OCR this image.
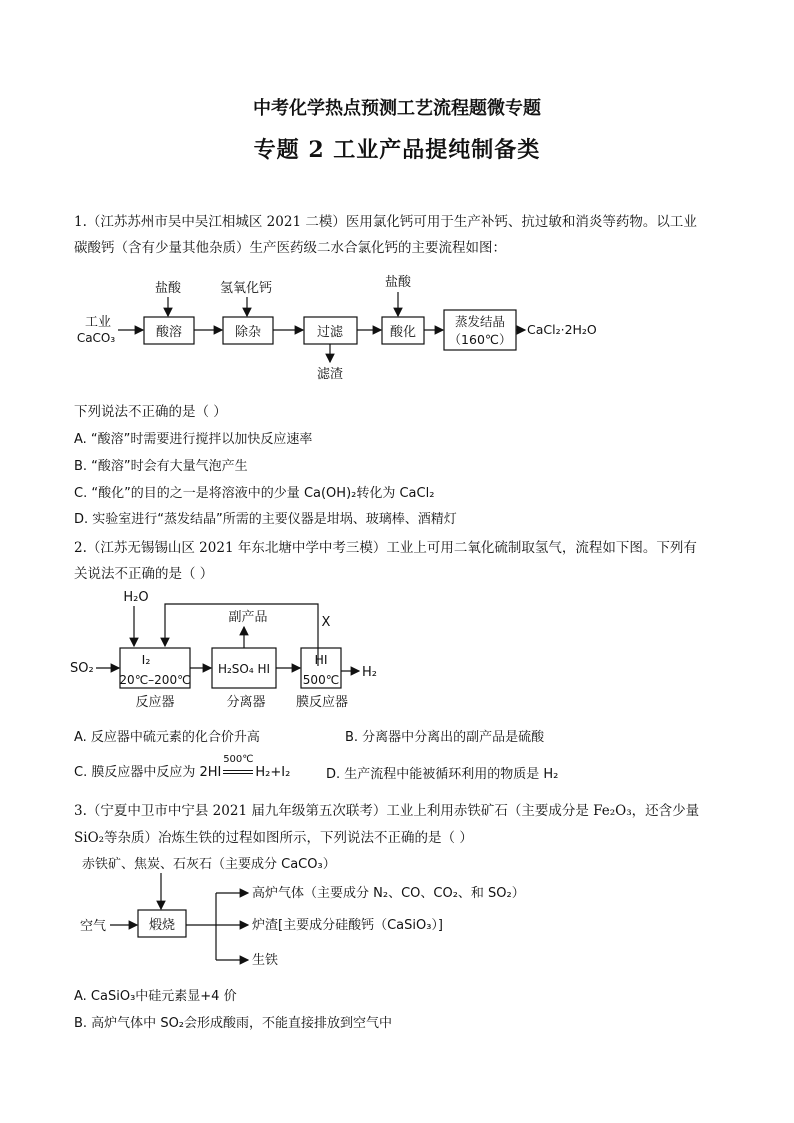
中考化学热点预测工艺流程题微专题
专题 2 工业产品提纯制备类
1.（江苏苏州市吴中吴江相城区 2021 二模）医用氯化钙可用于生产补钙、抗过敏和消炎等药物。以工业
碳酸钙（含有少量其他杂质）生产医药级二水合氯化钙的主要流程如图：
工业
CaCO₃	酸溶
盐酸
除杂
氢氧化钙
过滤
滤渣
酸化
盐酸
蒸发结晶
（160℃）
CaCl₂·2H₂O
下列说法不正确的是（ ）
A. “酸溶”时需要进行搅拌以加快反应速率
B. “酸溶”时会有大量气泡产生
C. “酸化”的目的之一是将溶液中的少量 Ca(OH)₂转化为 CaCl₂
D. 实验室进行“蒸发结晶”所需的主要仪器是坩埚、玻璃棒、酒精灯
2.（江苏无锡锡山区 2021 年东北塘中学中考三模）工业上可用二氧化硫制取氢气，流程如下图。下列有
关说法不正确的是（ ）
H₂O
X
副产品
SO₂
I₂
20℃–200℃
反应器
H₂SO₄ HI
分离器
HI
500℃
膜反应器
H₂
A. 反应器中硫元素的化合价升高	B. 分离器中分离出的副产品是硫酸
C. 膜反应器中反应为 2HI
500℃
H₂+I₂	D. 生产流程中能被循环利用的物质是 H₂
3.（宁夏中卫市中宁县 2021 届九年级第五次联考）工业上利用赤铁矿石（主要成分是 Fe₂O₃，还含少量
SiO₂等杂质）冶炼生铁的过程如图所示，下列说法不正确的是（ ）
赤铁矿、焦炭、石灰石（主要成分 CaCO₃）
空气	煅烧
高炉气体（主要成分 N₂、CO、CO₂、和 SO₂）
炉渣[主要成分硅酸钙（CaSiO₃）]
生铁
A. CaSiO₃中硅元素显+4 价
B. 高炉气体中 SO₂会形成酸雨，不能直接排放到空气中
